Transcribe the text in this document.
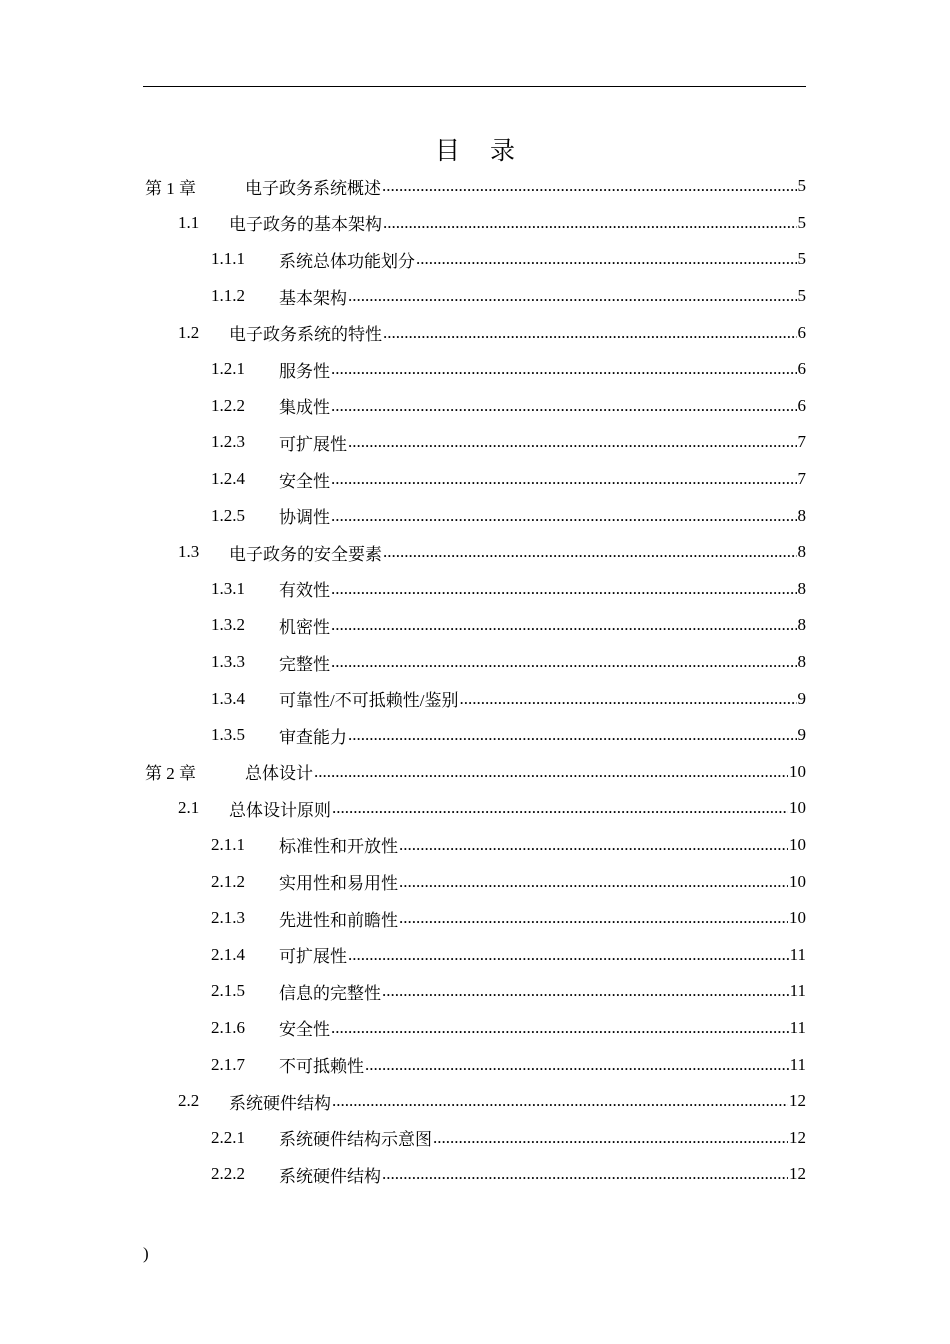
目录
第 1 章	电子政务系统概述 .....	5
1.1	电子政务的基本架构 .....	5
1.1.1	系统总体功能划分 .....	5
1.1.2	基本架构 .....	5
1.2	电子政务系统的特性 .....	6
1.2.1	服务性 .....	6
1.2.2	集成性 .....	6
1.2.3	可扩展性 .....	7
1.2.4	安全性 .....	7
1.2.5	协调性 .....	8
1.3	电子政务的安全要素 .....	8
1.3.1	有效性 .....	8
1.3.2	机密性 .....	8
1.3.3	完整性 .....	8
1.3.4	可靠性/不可抵赖性/鉴别 .....	9
1.3.5	审查能力 .....	9
第 2 章	总体设计 .....	10
2.1	总体设计原则 .....	10
2.1.1	标准性和开放性 .....	10
2.1.2	实用性和易用性 .....	10
2.1.3	先进性和前瞻性 .....	10
2.1.4	可扩展性 .....	11
2.1.5	信息的完整性 .....	11
2.1.6	安全性 .....	11
2.1.7	不可抵赖性 .....	11
2.2	系统硬件结构 .....	12
2.2.1	系统硬件结构示意图 .....	12
2.2.2	系统硬件结构 .....	12
)
